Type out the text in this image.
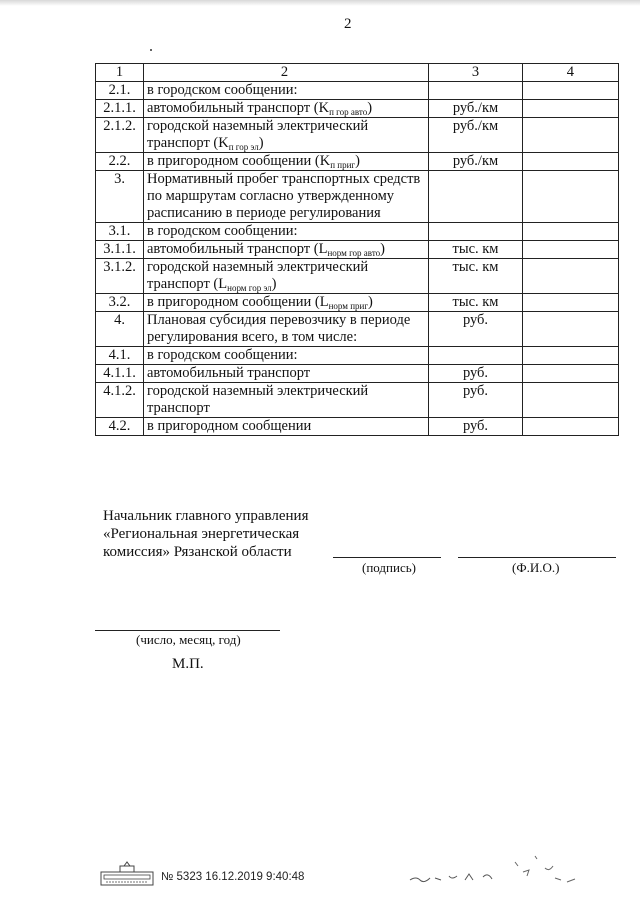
2
1	2	3	4
2.1.	в городском сообщении:		
2.1.1.	автомобильный транспорт $(K_{п гор авто})$	руб./км	
2.1.2.	городской наземный электрический транспорт $(K_{п гор эл})$	руб./км	
2.2.	в пригородном сообщении $(K_{п приг})$	руб./км	
3.	Нормативный пробег транспортных средств по маршрутам согласно утвержденному расписанию в периоде регулирования		
3.1.	в городском сообщении:		
3.1.1.	автомобильный транспорт $(L_{норм гор авто})$	тыс. км	
3.1.2.	городской наземный электрический транспорт $(L_{норм гор эл})$	тыс. км	
3.2.	в пригородном сообщении $(L_{норм приг})$	тыс. км	
4.	Плановая субсидия перевозчику в периоде регулирования всего, в том числе:	руб.	
4.1.	в городском сообщении:		
4.1.1.	автомобильный транспорт	руб.	
4.1.2.	городской наземный электрический транспорт	руб.	
4.2.	в пригородном сообщении	руб.	
Начальник главного управления
«Региональная энергетическая
комиссия» Рязанской области
(подпись)	(Ф.И.О.)
(число, месяц, год)
М.П.
№ 5323 16.12.2019 9:40:48
